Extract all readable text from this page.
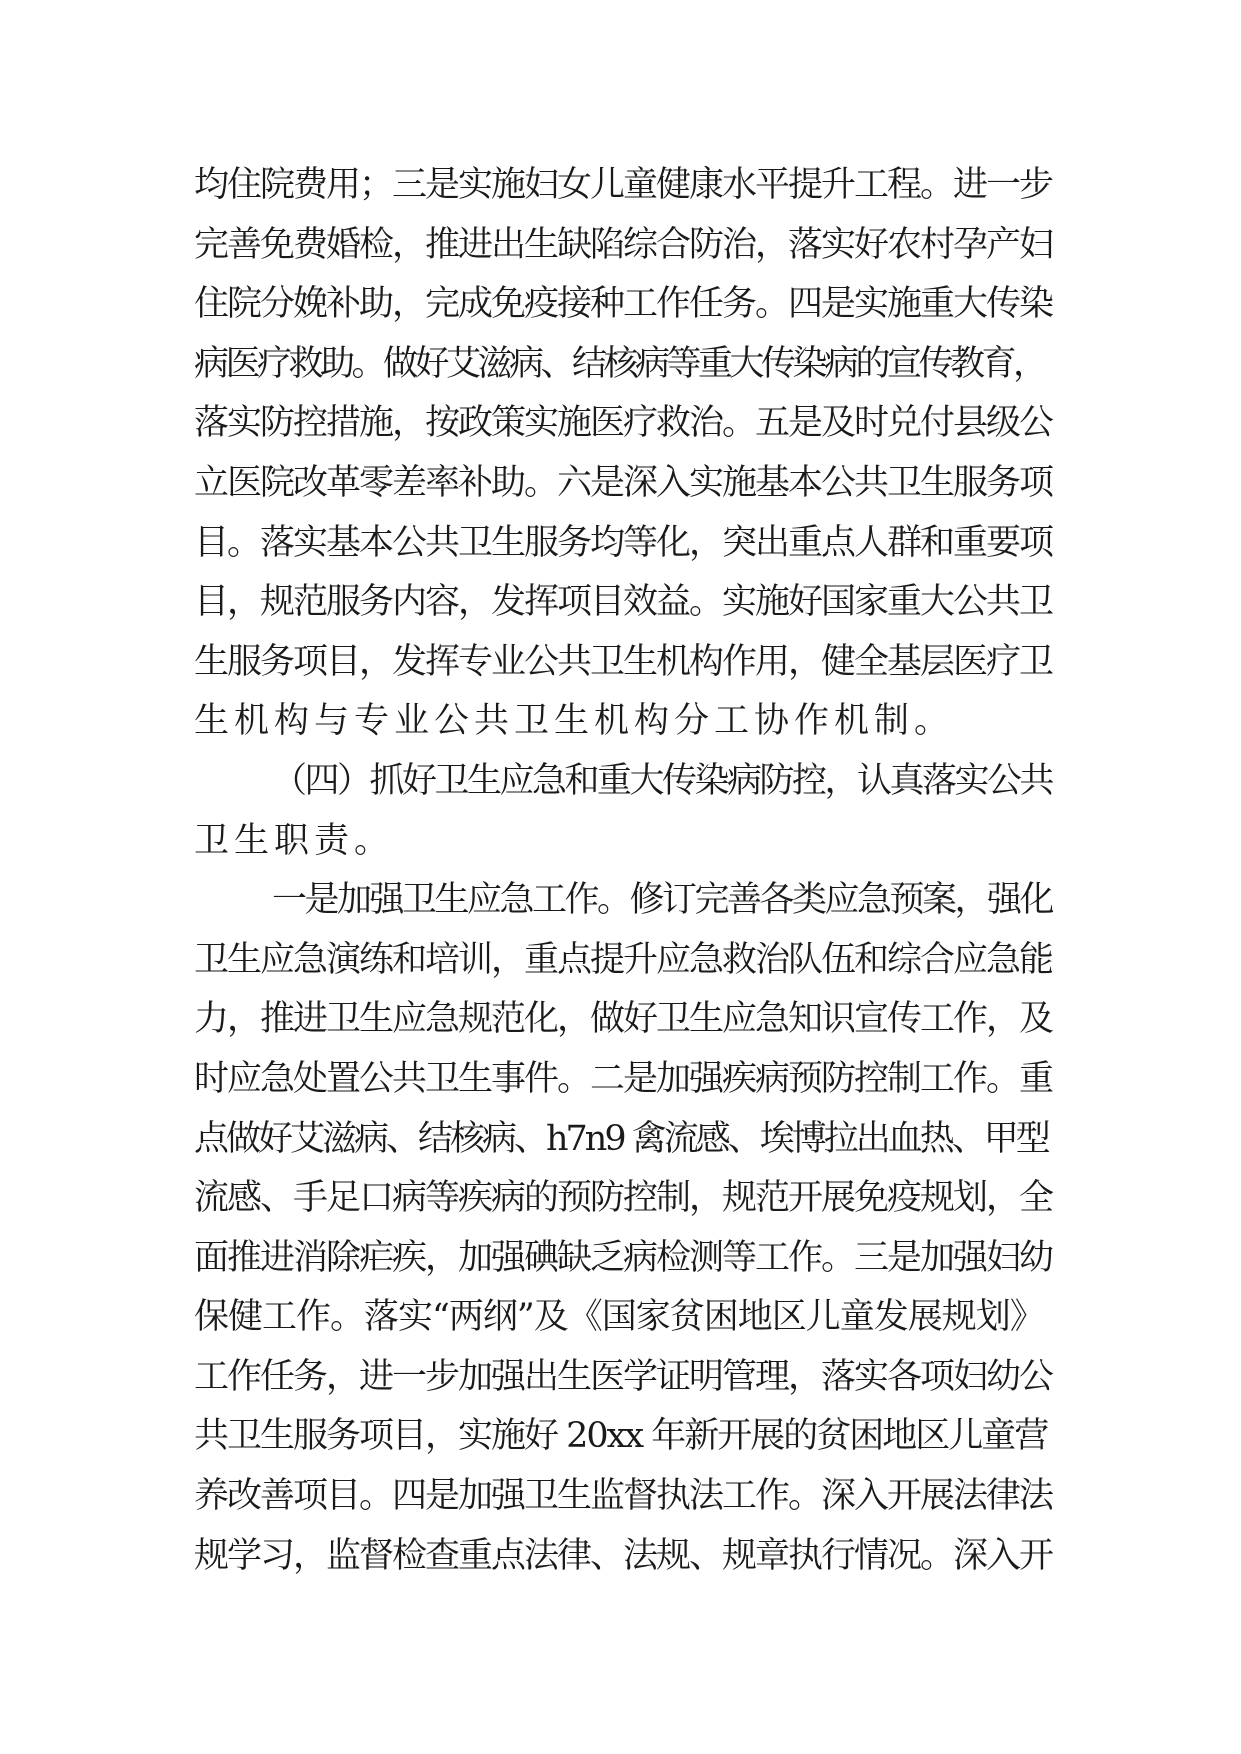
均住院费用；三是实施妇女儿童健康水平提升工程。进一步
完善免费婚检，推进出生缺陷综合防治，落实好农村孕产妇
住院分娩补助，完成免疫接种工作任务。四是实施重大传染
病医疗救助。做好艾滋病、结核病等重大传染病的宣传教育，
落实防控措施，按政策实施医疗救治。五是及时兑付县级公
立医院改革零差率补助。六是深入实施基本公共卫生服务项
目。落实基本公共卫生服务均等化，突出重点人群和重要项
目，规范服务内容，发挥项目效益。实施好国家重大公共卫
生服务项目，发挥专业公共卫生机构作用，健全基层医疗卫
生机构与专业公共卫生机构分工协作机制。
（四）抓好卫生应急和重大传染病防控，认真落实公共
卫生职责。
一是加强卫生应急工作。修订完善各类应急预案，强化
卫生应急演练和培训，重点提升应急救治队伍和综合应急能
力，推进卫生应急规范化，做好卫生应急知识宣传工作，及
时应急处置公共卫生事件。二是加强疾病预防控制工作。重
点做好艾滋病、结核病、h7n9 禽流感、埃博拉出血热、甲型
流感、手足口病等疾病的预防控制，规范开展免疫规划，全
面推进消除疟疾，加强碘缺乏病检测等工作。三是加强妇幼
保健工作。落实“两纲”及《国家贫困地区儿童发展规划》
工作任务，进一步加强出生医学证明管理，落实各项妇幼公
共卫生服务项目，实施好 20xx 年新开展的贫困地区儿童营
养改善项目。四是加强卫生监督执法工作。深入开展法律法
规学习，监督检查重点法律、法规、规章执行情况。深入开
